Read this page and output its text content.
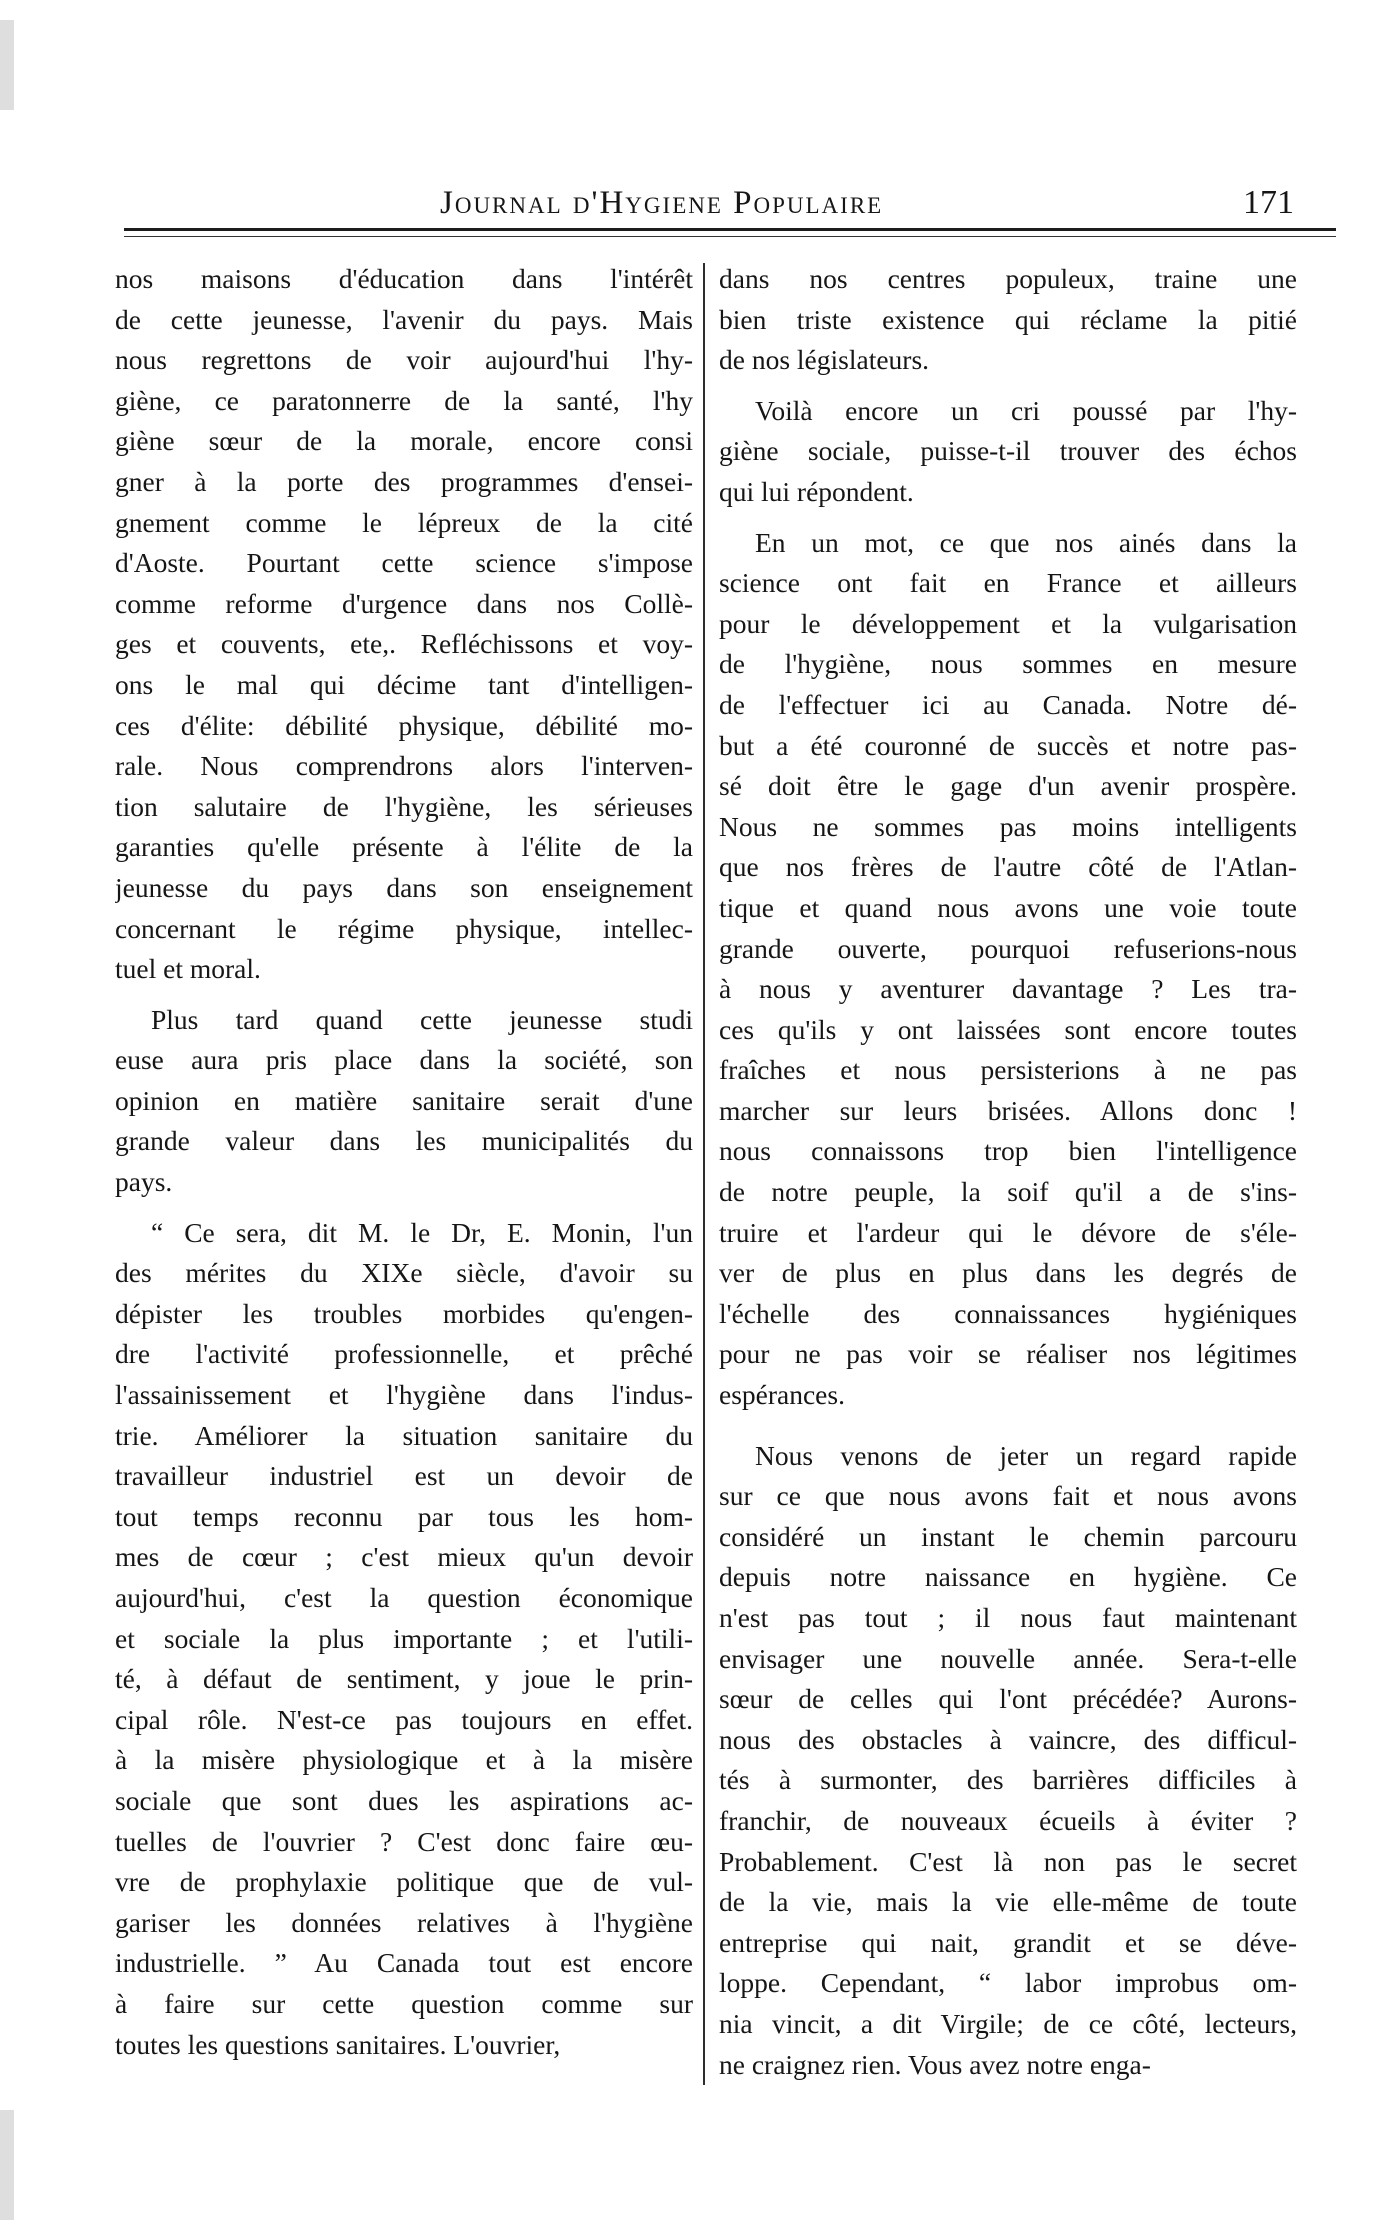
Journal d'Hygiene Populaire	171
nos maisons d'éducation dans l'intérêt
de cette jeunesse, l'avenir du pays. Mais
nous regrettons de voir aujourd'hui l'hy-
giène, ce paratonnerre de la santé, l'hy
giène sœur de la morale, encore consi
gner à la porte des programmes d'ensei-
gnement comme le lépreux de la cité
d'Aoste. Pourtant cette science s'impose
comme reforme d'urgence dans nos Collè-
ges et couvents, ete,. Refléchissons et voy-
ons le mal qui décime tant d'intelligen-
ces d'élite: débilité physique, débilité mo-
rale. Nous comprendrons alors l'interven-
tion salutaire de l'hygiène, les sérieuses
garanties qu'elle présente à l'élite de la
jeunesse du pays dans son enseignement
concernant le régime physique, intellec-
tuel et moral.
Plus tard quand cette jeunesse studi
euse aura pris place dans la société, son
opinion en matière sanitaire serait d'une
grande valeur dans les municipalités du
pays.
“ Ce sera, dit M. le Dr, E. Monin, l'un
des mérites du XIXe siècle, d'avoir su
dépister les troubles morbides qu'engen-
dre l'activité professionnelle, et prêché
l'assainissement et l'hygiène dans l'indus-
trie. Améliorer la situation sanitaire du
travailleur industriel est un devoir de
tout temps reconnu par tous les hom-
mes de cœur ; c'est mieux qu'un devoir
aujourd'hui, c'est la question économique
et sociale la plus importante ; et l'utili-
té, à défaut de sentiment, y joue le prin-
cipal rôle. N'est-ce pas toujours en effet.
à la misère physiologique et à la misère
sociale que sont dues les aspirations ac-
tuelles de l'ouvrier ? C'est donc faire œu-
vre de prophylaxie politique que de vul-
gariser les données relatives à l'hygiène
industrielle. ” Au Canada tout est encore
à faire sur cette question comme sur
toutes les questions sanitaires. L'ouvrier,
dans nos centres populeux, traine une
bien triste existence qui réclame la pitié
de nos législateurs.
Voilà encore un cri poussé par l'hy-
giène sociale, puisse-t-il trouver des échos
qui lui répondent.
En un mot, ce que nos ainés dans la
science ont fait en France et ailleurs
pour le développement et la vulgarisation
de l'hygiène, nous sommes en mesure
de l'effectuer ici au Canada. Notre dé-
but a été couronné de succès et notre pas-
sé doit être le gage d'un avenir prospère.
Nous ne sommes pas moins intelligents
que nos frères de l'autre côté de l'Atlan-
tique et quand nous avons une voie toute
grande ouverte, pourquoi refuserions-nous
à nous y aventurer davantage ? Les tra-
ces qu'ils y ont laissées sont encore toutes
fraîches et nous persisterions à ne pas
marcher sur leurs brisées. Allons donc !
nous connaissons trop bien l'intelligence
de notre peuple, la soif qu'il a de s'ins-
truire et l'ardeur qui le dévore de s'éle-
ver de plus en plus dans les degrés de
l'échelle des connaissances hygiéniques
pour ne pas voir se réaliser nos légitimes
espérances.
Nous venons de jeter un regard rapide
sur ce que nous avons fait et nous avons
considéré un instant le chemin parcouru
depuis notre naissance en hygiène. Ce
n'est pas tout ; il nous faut maintenant
envisager une nouvelle année. Sera-t-elle
sœur de celles qui l'ont précédée? Aurons-
nous des obstacles à vaincre, des difficul-
tés à surmonter, des barrières difficiles à
franchir, de nouveaux écueils à éviter ?
Probablement. C'est là non pas le secret
de la vie, mais la vie elle-même de toute
entreprise qui nait, grandit et se déve-
loppe. Cependant, “ labor improbus om-
nia vincit, a dit Virgile; de ce côté, lecteurs,
ne craignez rien. Vous avez notre enga-
